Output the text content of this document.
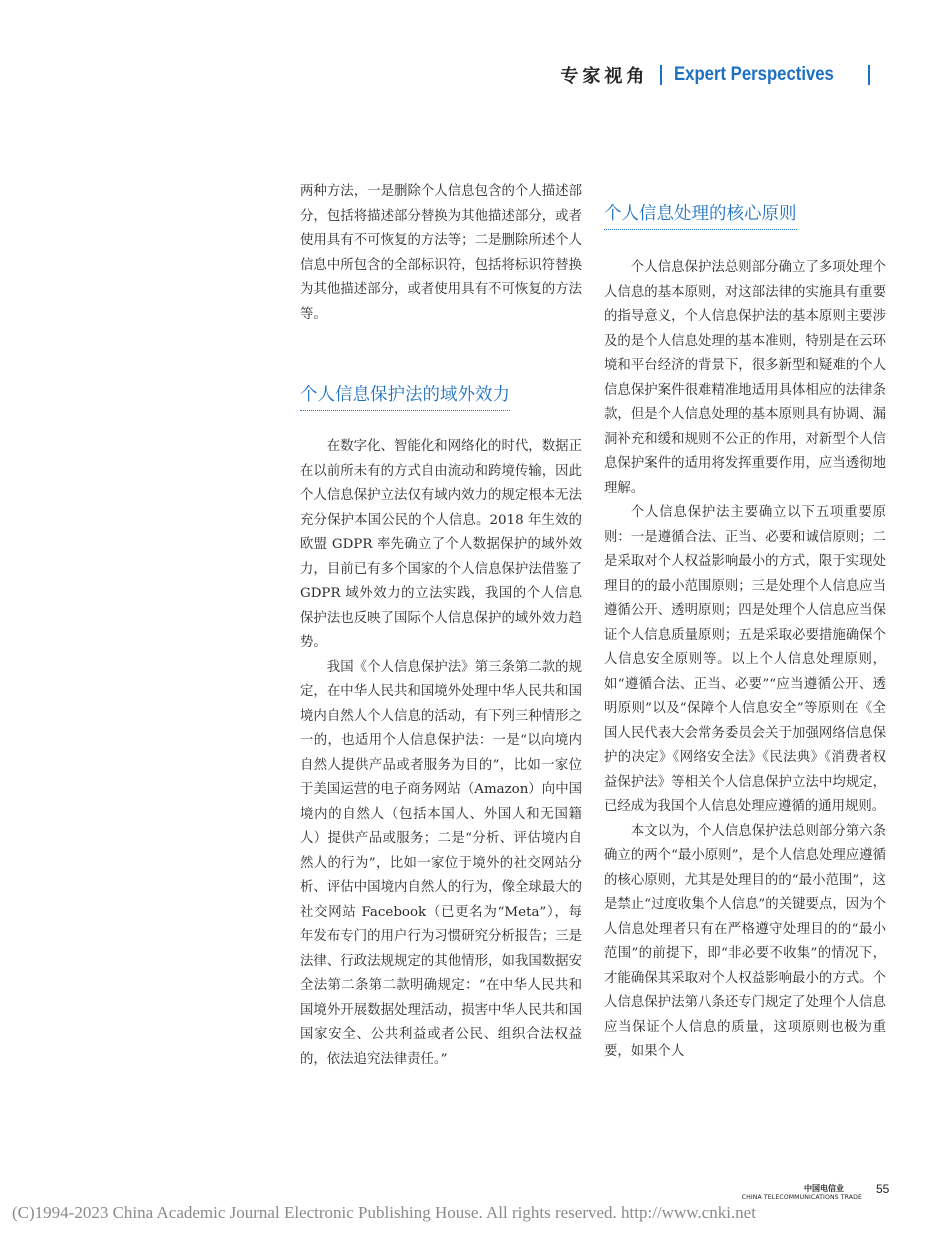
专家视角 Expert Perspectives

两种方法，一是删除个人信息包含的个人描述部分，包括将描述部分替换为其他描述部分，或者使用具有不可恢复的方法等；二是删除所述个人信息中所包含的全部标识符，包括将标识符替换为其他描述部分，或者使用具有不可恢复的方法等。

个人信息保护法的域外效力

在数字化、智能化和网络化的时代，数据正在以前所未有的方式自由流动和跨境传输，因此个人信息保护立法仅有域内效力的规定根本无法充分保护本国公民的个人信息。2018 年生效的欧盟 GDPR 率先确立了个人数据保护的域外效力，目前已有多个国家的个人信息保护法借鉴了 GDPR 域外效力的立法实践，我国的个人信息保护法也反映了国际个人信息保护的域外效力趋势。

我国《个人信息保护法》第三条第二款的规定，在中华人民共和国境外处理中华人民共和国境内自然人个人信息的活动，有下列三种情形之一的，也适用个人信息保护法：一是“以向境内自然人提供产品或者服务为目的”，比如一家位于美国运营的电子商务网站（Amazon）向中国境内的自然人（包括本国人、外国人和无国籍人）提供产品或服务；二是“分析、评估境内自然人的行为”，比如一家位于境外的社交网站分析、评估中国境内自然人的行为，像全球最大的社交网站 Facebook（已更名为“Meta”），每年发布专门的用户行为习惯研究分析报告；三是法律、行政法规规定的其他情形，如我国数据安全法第二条第二款明确规定：“在中华人民共和国境外开展数据处理活动，损害中华人民共和国国家安全、公共利益或者公民、组织合法权益的，依法追究法律责任。”

个人信息处理的核心原则

个人信息保护法总则部分确立了多项处理个人信息的基本原则，对这部法律的实施具有重要的指导意义，个人信息保护法的基本原则主要涉及的是个人信息处理的基本准则，特别是在云环境和平台经济的背景下，很多新型和疑难的个人信息保护案件很难精准地适用具体相应的法律条款，但是个人信息处理的基本原则具有协调、漏洞补充和缓和规则不公正的作用，对新型个人信息保护案件的适用将发挥重要作用，应当透彻地理解。

个人信息保护法主要确立以下五项重要原则：一是遵循合法、正当、必要和诚信原则；二是采取对个人权益影响最小的方式，限于实现处理目的的最小范围原则；三是处理个人信息应当遵循公开、透明原则；四是处理个人信息应当保证个人信息质量原则；五是采取必要措施确保个人信息安全原则等。以上个人信息处理原则，如“遵循合法、正当、必要”“应当遵循公开、透明原则”以及“保障个人信息安全”等原则在《全国人民代表大会常务委员会关于加强网络信息保护的决定》《网络安全法》《民法典》《消费者权益保护法》等相关个人信息保护立法中均规定，已经成为我国个人信息处理应遵循的通用规则。

本文以为，个人信息保护法总则部分第六条确立的两个“最小原则”，是个人信息处理应遵循的核心原则，尤其是处理目的的“最小范围”，这是禁止“过度收集个人信息”的关键要点，因为个人信息处理者只有在严格遵守处理目的的“最小范围”的前提下，即“非必要不收集”的情况下，才能确保其采取对个人权益影响最小的方式。个人信息保护法第八条还专门规定了处理个人信息应当保证个人信息的质量，这项原则也极为重要，如果个人

中国电信业
CHINA TELECOMMUNICATIONS TRADE
55
(C)1994-2023 China Academic Journal Electronic Publishing House. All rights reserved. http://www.cnki.net
